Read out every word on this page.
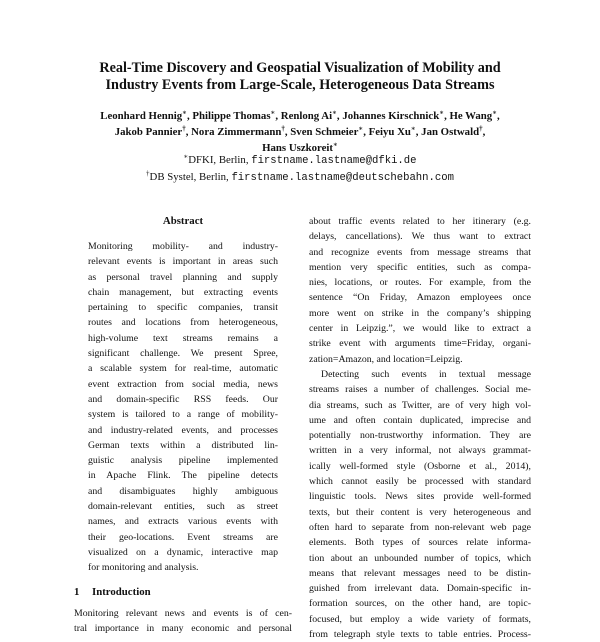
Real-Time Discovery and Geospatial Visualization of Mobility and
Industry Events from Large-Scale, Heterogeneous Data Streams
Leonhard Hennig∗, Philippe Thomas∗, Renlong Ai∗, Johannes Kirschnick∗, He Wang∗,
Jakob Pannier†, Nora Zimmermann†, Sven Schmeier∗, Feiyu Xu∗, Jan Ostwald†,
Hans Uszkoreit∗
∗DFKI, Berlin, firstname.lastname@dfki.de
†DB Systel, Berlin, firstname.lastname@deutschebahn.com
Abstract
Monitoring mobility- and industry-
relevant events is important in areas such
as personal travel planning and supply
chain management, but extracting events
pertaining to specific companies, transit
routes and locations from heterogeneous,
high-volume text streams remains a
significant challenge. We present Spree,
a scalable system for real-time, automatic
event extraction from social media, news
and domain-specific RSS feeds. Our
system is tailored to a range of mobility-
and industry-related events, and processes
German texts within a distributed lin-
guistic analysis pipeline implemented
in Apache Flink. The pipeline detects
and disambiguates highly ambiguous
domain-relevant entities, such as street
names, and extracts various events with
their geo-locations. Event streams are
visualized on a dynamic, interactive map
for monitoring and analysis.
1 Introduction
Monitoring relevant news and events is of cen-
tral importance in many economic and personal
about traffic events related to her itinerary (e.g.
delays, cancellations). We thus want to extract
and recognize events from message streams that
mention very specific entities, such as compa-
nies, locations, or routes. For example, from the
sentence “On Friday, Amazon employees once
more went on strike in the company’s shipping
center in Leipzig.”, we would like to extract a
strike event with arguments time=Friday, organi-
zation=Amazon, and location=Leipzig.
Detecting such events in textual message
streams raises a number of challenges. Social me-
dia streams, such as Twitter, are of very high vol-
ume and often contain duplicated, imprecise and
potentially non-trustworthy information. They are
written in a very informal, not always grammat-
ically well-formed style (Osborne et al., 2014),
which cannot easily be processed with standard
linguistic tools. News sites provide well-formed
texts, but their content is very heterogeneous and
often hard to separate from non-relevant web page
elements. Both types of sources relate informa-
tion about an unbounded number of topics, which
means that relevant messages need to be distin-
guished from irrelevant data. Domain-specific in-
formation sources, on the other hand, are topic-
focused, but employ a wide variety of formats,
from telegraph style texts to table entries. Process-
